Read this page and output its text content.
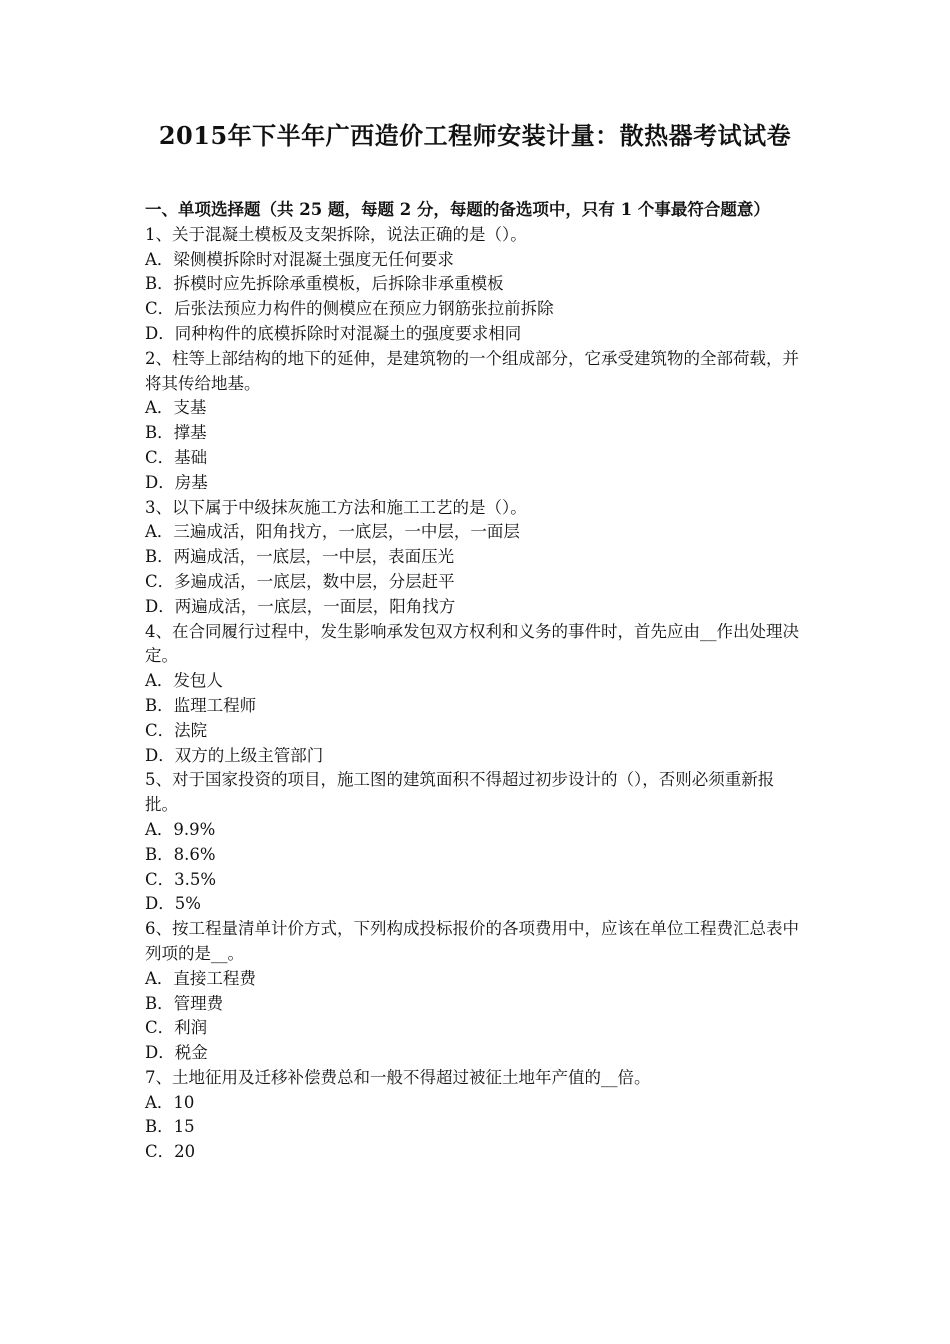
2015年下半年广西造价工程师安装计量：散热器考试试卷

一、单项选择题（共 25 题，每题 2 分，每题的备选项中，只有 1 个事最符合题意）

1、关于混凝土模板及支架拆除，说法正确的是（）。

A．梁侧模拆除时对混凝土强度无任何要求

B．拆模时应先拆除承重模板，后拆除非承重模板

C．后张法预应力构件的侧模应在预应力钢筋张拉前拆除

D．同种构件的底模拆除时对混凝土的强度要求相同

2、柱等上部结构的地下的延伸，是建筑物的一个组成部分，它承受建筑物的全部荷载，并将其传给地基。

A．支基

B．撑基

C．基础

D．房基

3、以下属于中级抹灰施工方法和施工工艺的是（）。

A．三遍成活，阳角找方，一底层，一中层，一面层

B．两遍成活，一底层，一中层，表面压光

C．多遍成活，一底层，数中层，分层赶平

D．两遍成活，一底层，一面层，阳角找方

4、在合同履行过程中，发生影响承发包双方权利和义务的事件时，首先应由__作出处理决定。

A．发包人

B．监理工程师

C．法院

D．双方的上级主管部门

5、对于国家投资的项目，施工图的建筑面积不得超过初步设计的（），否则必须重新报批。

A．9.9%

B．8.6%

C．3.5%

D．5%

6、按工程量清单计价方式，下列构成投标报价的各项费用中，应该在单位工程费汇总表中列项的是__。

A．直接工程费

B．管理费

C．利润

D．税金

7、土地征用及迁移补偿费总和一般不得超过被征土地年产值的__倍。

A．10

B．15

C．20
